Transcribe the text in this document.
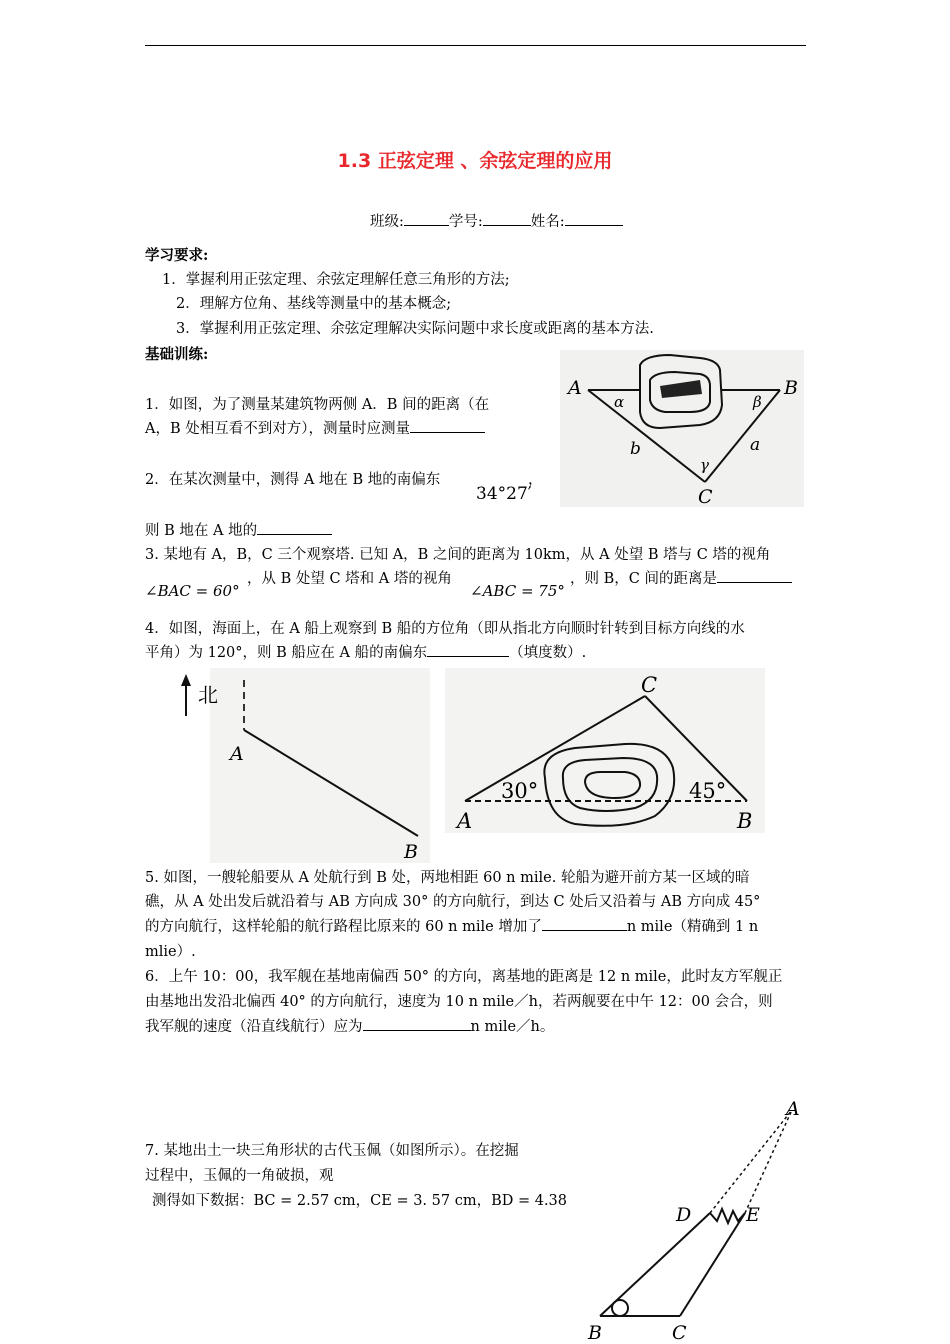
1.3 正弦定理 、余弦定理的应用
班级:	学号:	姓名:
学习要求:
1．掌握利用正弦定理、余弦定理解任意三角形的方法;
2．理解方位角、基线等测量中的基本概念;
3．掌握利用正弦定理、余弦定理解决实际问题中求长度或距离的基本方法.
基础训练:
1．如图，为了测量某建筑物两侧 A．B 间的距离（在
A，B 处相互看不到对方），测量时应测量
A	B
C
α	β
γ
b	a
2．在某次测量中，测得 A 地在 B 地的南偏东
34°27′
，
则 B 地在 A 地的
3. 某地有 A，B，C 三个观察塔. 已知 A，B 之间的距离为 10km，从 A 处望 B 塔与 C 塔的视角
∠BAC = 60°
，从 B 处望 C 塔和 A 塔的视角
∠ABC = 75°
，则 B，C 间的距离是
4．如图，海面上，在 A 船上观察到 B 船的方位角（即从指北方向顺时针转到目标方向线的水
平角）为 120°，则 B 船应在 A 船的南偏东	（填度数）.
北
A
B
30°	45°
A	B
C
5. 如图，一艘轮船要从 A 处航行到 B 处，两地相距 60 n mile. 轮船为避开前方某一区域的暗
礁，从 A 处出发后就沿着与 AB 方向成 30° 的方向航行，到达 C 处后又沿着与 AB 方向成 45°
的方向航行，这样轮船的航行路程比原来的 60 n mile 增加了	n mile（精确到 1 n
mlie）.
6．上午 10：00，我军舰在基地南偏西 50° 的方向，离基地的距离是 12 n mile，此时友方军舰正
由基地出发沿北偏西 40° 的方向航行，速度为 10 n mile／h，若两舰要在中午 12：00 会合，则
我军舰的速度（沿直线航行）应为	n mile／h。
7. 某地出土一块三角形状的古代玉佩（如图所示）。在挖掘
过程中，玉佩的一角破损，观
测得如下数据：BC = 2.57 cm，CE = 3. 57 cm，BD = 4.38
A
D	E
B	C
